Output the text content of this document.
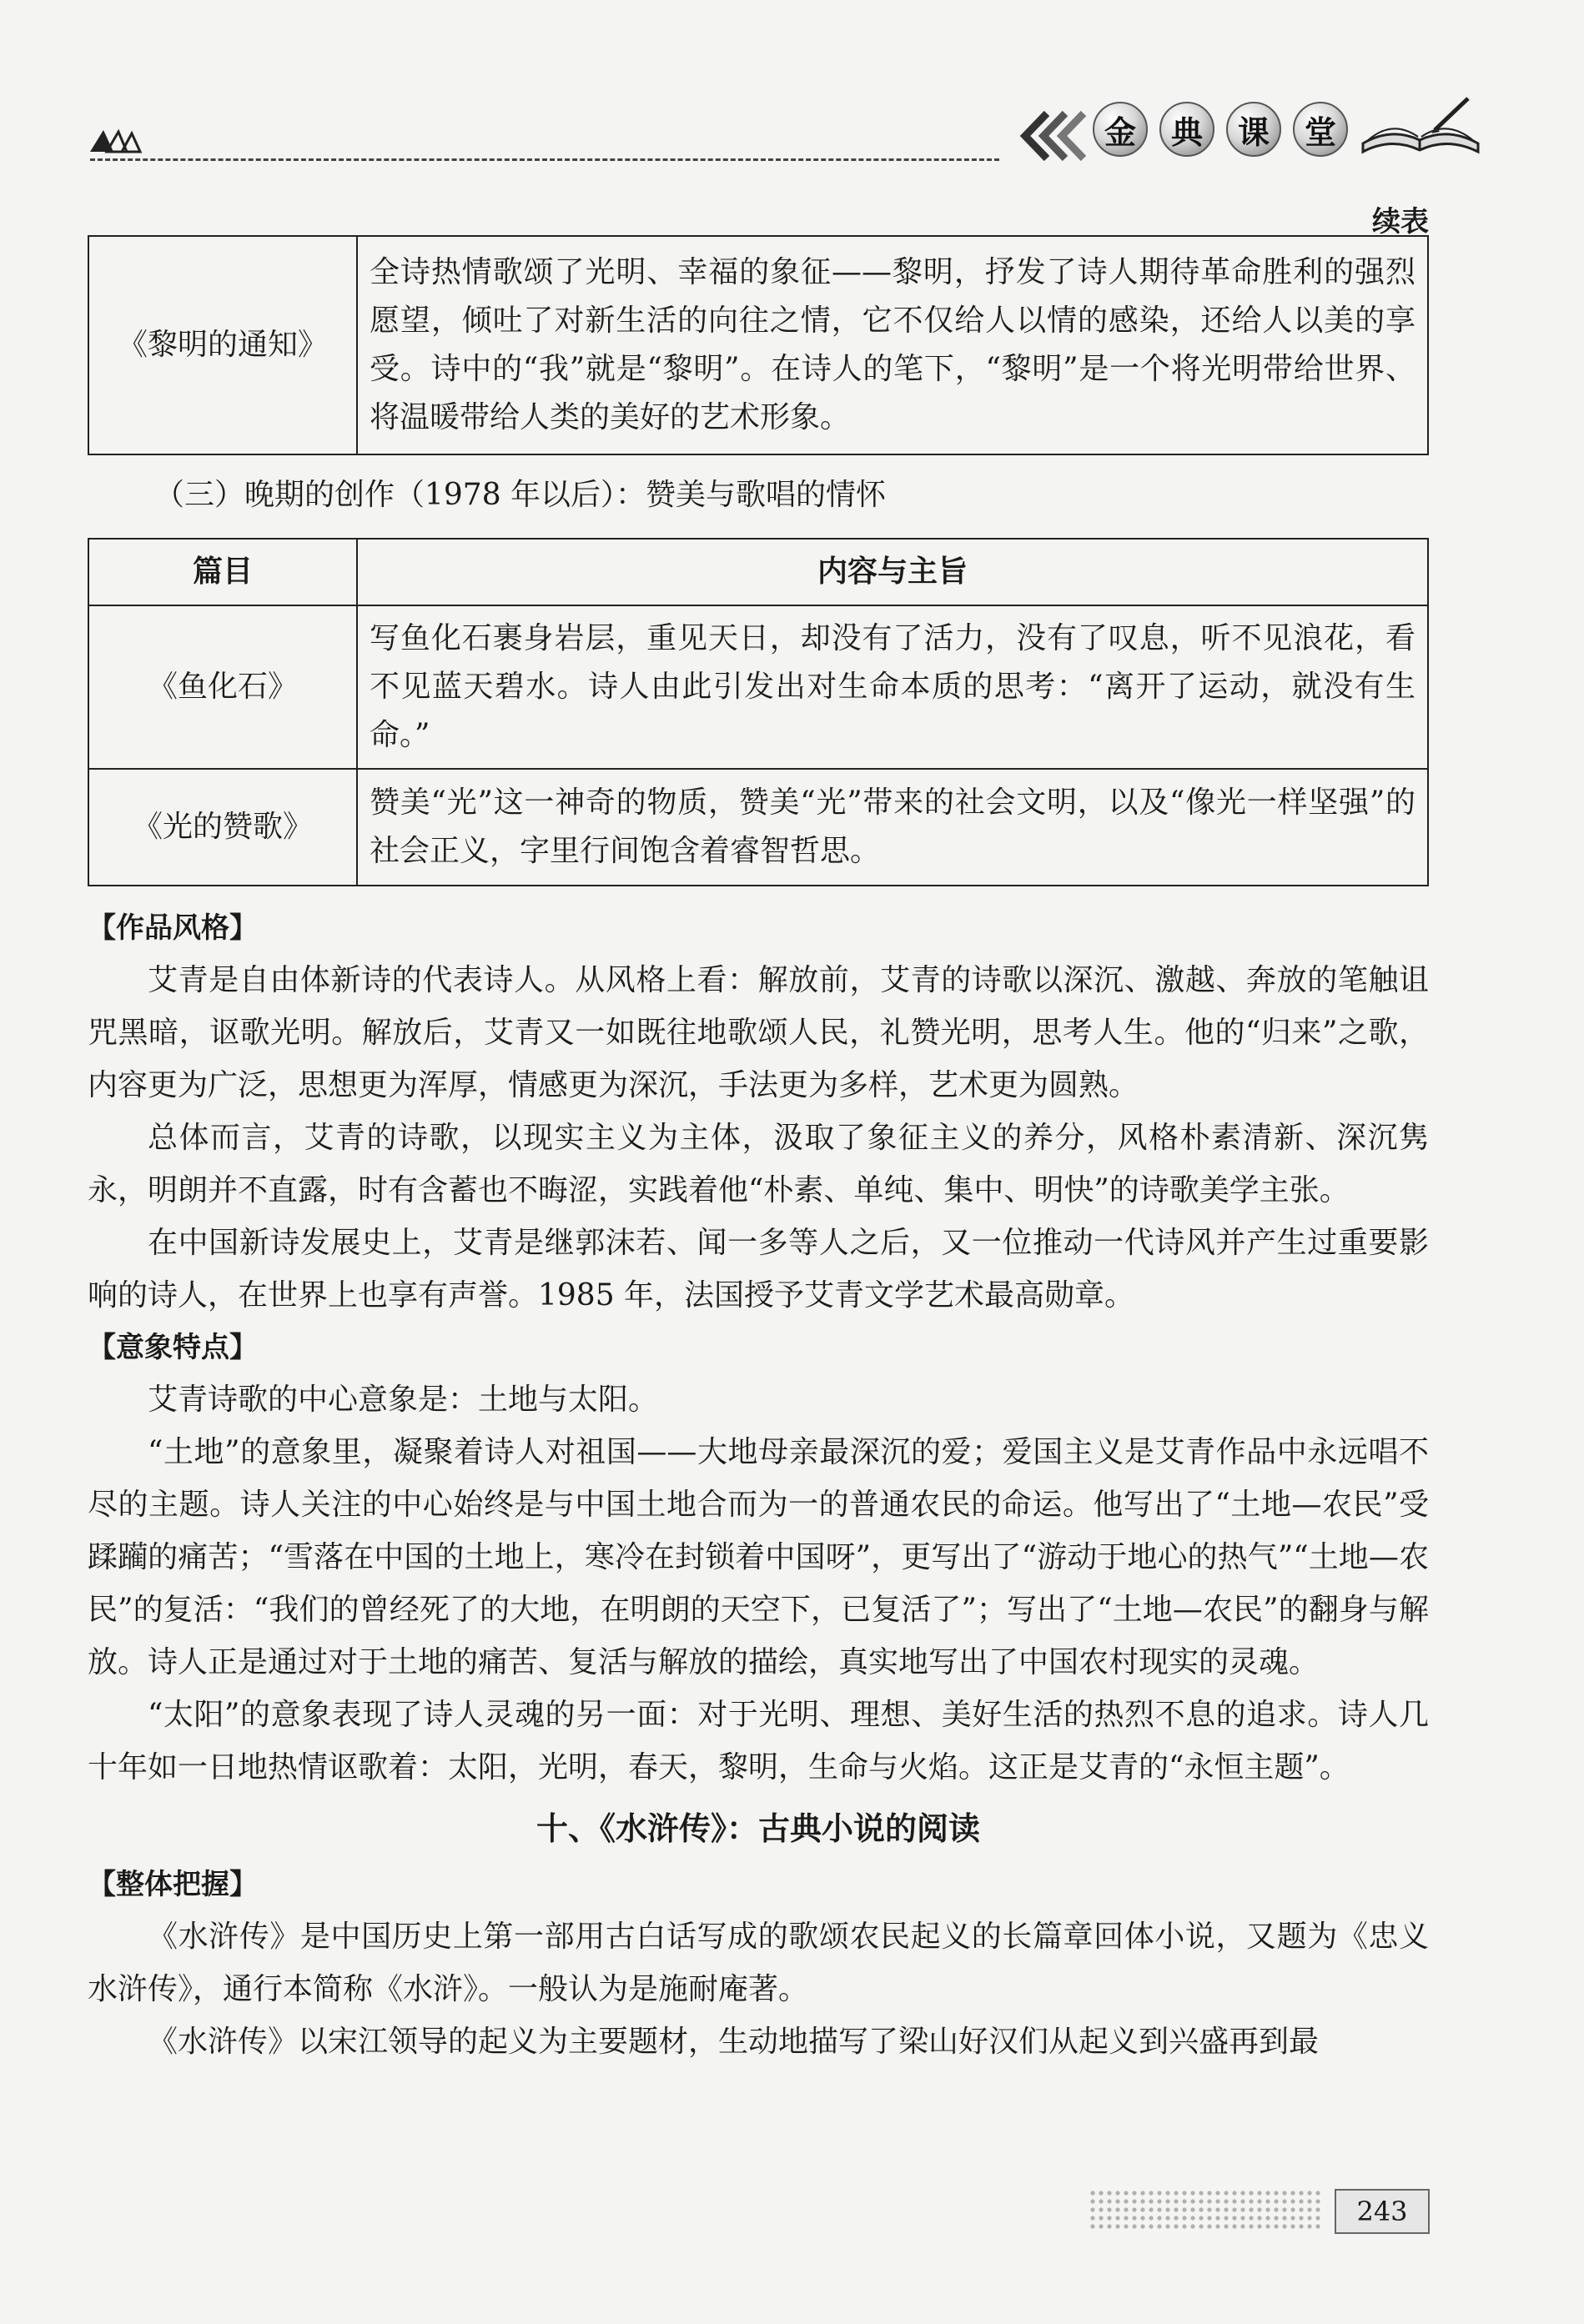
金	典	课	堂
续表
《黎明的通知》	全诗热情歌颂了光明、幸福的象征——黎明，抒发了诗人期待革命胜利的强烈愿望，倾吐了对新生活的向往之情，它不仅给人以情的感染，还给人以美的享受。诗中的“我”就是“黎明”。在诗人的笔下，“黎明”是一个将光明带给世界、将温暖带给人类的美好的艺术形象。
（三）晚期的创作（1978 年以后）：赞美与歌唱的情怀
篇目	内容与主旨
《鱼化石》	写鱼化石裹身岩层，重见天日，却没有了活力，没有了叹息，听不见浪花，看不见蓝天碧水。诗人由此引发出对生命本质的思考：“离开了运动，就没有生命。”
《光的赞歌》	赞美“光”这一神奇的物质，赞美“光”带来的社会文明，以及“像光一样坚强”的社会正义，字里行间饱含着睿智哲思。

【作品风格】

艾青是自由体新诗的代表诗人。从风格上看：解放前，艾青的诗歌以深沉、激越、奔放的笔触诅咒黑暗，讴歌光明。解放后，艾青又一如既往地歌颂人民，礼赞光明，思考人生。他的“归来”之歌，内容更为广泛，思想更为浑厚，情感更为深沉，手法更为多样，艺术更为圆熟。

总体而言，艾青的诗歌，以现实主义为主体，汲取了象征主义的养分，风格朴素清新、深沉隽永，明朗并不直露，时有含蓄也不晦涩，实践着他“朴素、单纯、集中、明快”的诗歌美学主张。

在中国新诗发展史上，艾青是继郭沫若、闻一多等人之后，又一位推动一代诗风并产生过重要影响的诗人，在世界上也享有声誉。1985 年，法国授予艾青文学艺术最高勋章。

【意象特点】

艾青诗歌的中心意象是：土地与太阳。

“土地”的意象里，凝聚着诗人对祖国——大地母亲最深沉的爱；爱国主义是艾青作品中永远唱不尽的主题。诗人关注的中心始终是与中国土地合而为一的普通农民的命运。他写出了“土地—农民”受蹂躏的痛苦；“雪落在中国的土地上，寒冷在封锁着中国呀”，更写出了“游动于地心的热气”“土地—农民”的复活：“我们的曾经死了的大地，在明朗的天空下，已复活了”；写出了“土地—农民”的翻身与解放。诗人正是通过对于土地的痛苦、复活与解放的描绘，真实地写出了中国农村现实的灵魂。

“太阳”的意象表现了诗人灵魂的另一面：对于光明、理想、美好生活的热烈不息的追求。诗人几十年如一日地热情讴歌着：太阳，光明，春天，黎明，生命与火焰。这正是艾青的“永恒主题”。

十、《水浒传》：古典小说的阅读

【整体把握】

《水浒传》是中国历史上第一部用古白话写成的歌颂农民起义的长篇章回体小说，又题为《忠义水浒传》，通行本简称《水浒》。一般认为是施耐庵著。

《水浒传》以宋江领导的起义为主要题材，生动地描写了梁山好汉们从起义到兴盛再到最

243
